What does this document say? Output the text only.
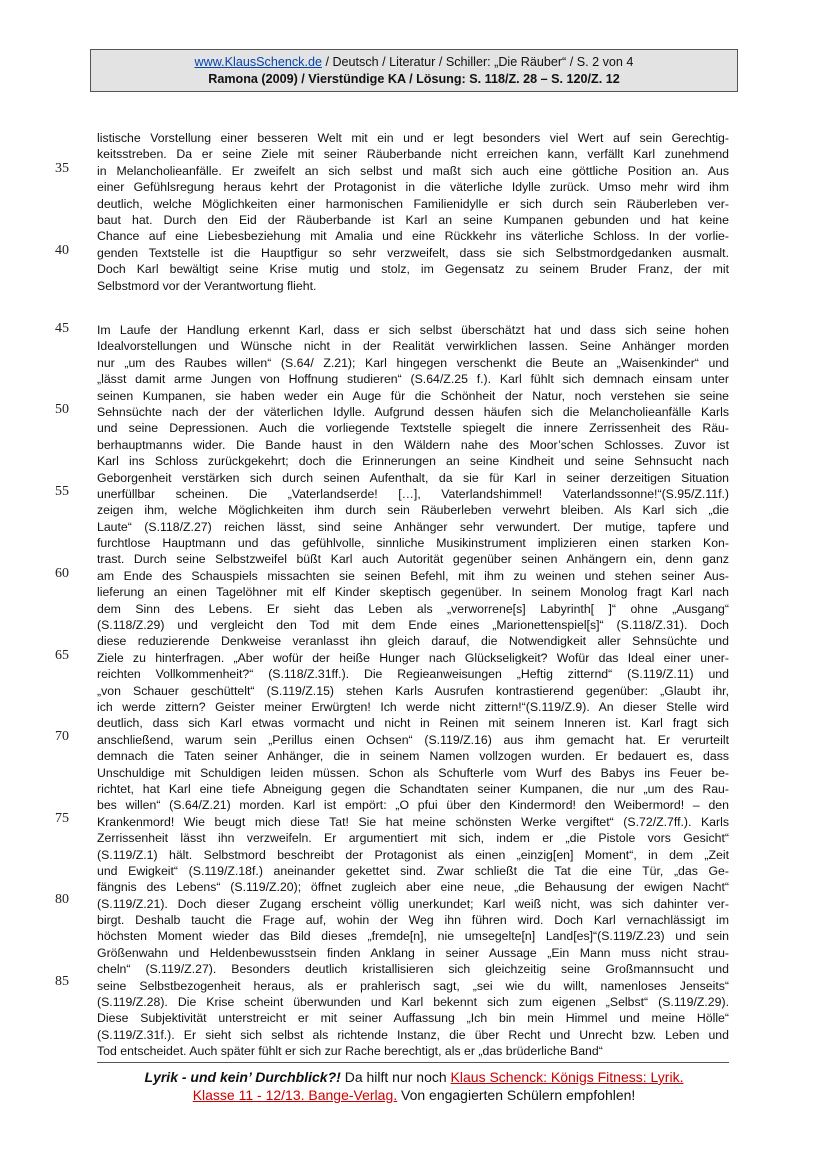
www.KlausSchenck.de / Deutsch / Literatur / Schiller: „Die Räuber“ / S. 2 von 4
Ramona (2009) / Vierstündige KA / Lösung: S. 118/Z. 28 – S. 120/Z. 12
35
40
45
50
55
60
65
70
75
80
85
listische Vorstellung einer besseren Welt mit ein und er legt besonders viel Wert auf sein Gerechtig-
keitsstreben. Da er seine Ziele mit seiner Räuberbande nicht erreichen kann, verfällt Karl zunehmend
in Melancholieanfälle. Er zweifelt an sich selbst und maßt sich auch eine göttliche Position an. Aus
einer Gefühlsregung heraus kehrt der Protagonist in die väterliche Idylle zurück. Umso mehr wird ihm
deutlich, welche Möglichkeiten einer harmonischen Familienidylle er sich durch sein Räuberleben ver-
baut hat. Durch den Eid der Räuberbande ist Karl an seine Kumpanen gebunden und hat keine
Chance auf eine Liebesbeziehung mit Amalia und eine Rückkehr ins väterliche Schloss. In der vorlie-
genden Textstelle ist die Hauptfigur so sehr verzweifelt, dass sie sich Selbstmordgedanken ausmalt.
Doch Karl bewältigt seine Krise mutig und stolz, im Gegensatz zu seinem Bruder Franz, der mit
Selbstmord vor der Verantwortung flieht.
Im Laufe der Handlung erkennt Karl, dass er sich selbst überschätzt hat und dass sich seine hohen
Idealvorstellungen und Wünsche nicht in der Realität verwirklichen lassen. Seine Anhänger morden
nur „um des Raubes willen“ (S.64/ Z.21); Karl hingegen verschenkt die Beute an „Waisenkinder“ und
„lässt damit arme Jungen von Hoffnung studieren“ (S.64/Z.25 f.). Karl fühlt sich demnach einsam unter
seinen Kumpanen, sie haben weder ein Auge für die Schönheit der Natur, noch verstehen sie seine
Sehnsüchte nach der der väterlichen Idylle. Aufgrund dessen häufen sich die Melancholieanfälle Karls
und seine Depressionen. Auch die vorliegende Textstelle spiegelt die innere Zerrissenheit des Räu-
berhauptmanns wider. Die Bande haust in den Wäldern nahe des Moor’schen Schlosses. Zuvor ist
Karl ins Schloss zurückgekehrt; doch die Erinnerungen an seine Kindheit und seine Sehnsucht nach
Geborgenheit verstärken sich durch seinen Aufenthalt, da sie für Karl in seiner derzeitigen Situation
unerfüllbar scheinen. Die „Vaterlandserde! […], Vaterlandshimmel! Vaterlandssonne!“(S.95/Z.11f.)
zeigen ihm, welche Möglichkeiten ihm durch sein Räuberleben verwehrt bleiben. Als Karl sich „die
Laute“ (S.118/Z.27) reichen lässt, sind seine Anhänger sehr verwundert. Der mutige, tapfere und
furchtlose Hauptmann und das gefühlvolle, sinnliche Musikinstrument implizieren einen starken Kon-
trast. Durch seine Selbstzweifel büßt Karl auch Autorität gegenüber seinen Anhängern ein, denn ganz
am Ende des Schauspiels missachten sie seinen Befehl, mit ihm zu weinen und stehen seiner Aus-
lieferung an einen Tagelöhner mit elf Kinder skeptisch gegenüber. In seinem Monolog fragt Karl nach
dem Sinn des Lebens. Er sieht das Leben als „verworrene[s] Labyrinth[ ]“ ohne „Ausgang“
(S.118/Z.29) und vergleicht den Tod mit dem Ende eines „Marionettenspiel[s]“ (S.118/Z.31). Doch
diese reduzierende Denkweise veranlasst ihn gleich darauf, die Notwendigkeit aller Sehnsüchte und
Ziele zu hinterfragen. „Aber wofür der heiße Hunger nach Glückseligkeit? Wofür das Ideal einer uner-
reichten Vollkommenheit?“ (S.118/Z.31ff.). Die Regieanweisungen „Heftig zitternd“ (S.119/Z.11) und
„von Schauer geschüttelt“ (S.119/Z.15) stehen Karls Ausrufen kontrastierend gegenüber: „Glaubt ihr,
ich werde zittern? Geister meiner Erwürgten! Ich werde nicht zittern!“(S.119/Z.9). An dieser Stelle wird
deutlich, dass sich Karl etwas vormacht und nicht in Reinen mit seinem Inneren ist. Karl fragt sich
anschließend, warum sein „Perillus einen Ochsen“ (S.119/Z.16) aus ihm gemacht hat. Er verurteilt
demnach die Taten seiner Anhänger, die in seinem Namen vollzogen wurden. Er bedauert es, dass
Unschuldige mit Schuldigen leiden müssen. Schon als Schufterle vom Wurf des Babys ins Feuer be-
richtet, hat Karl eine tiefe Abneigung gegen die Schandtaten seiner Kumpanen, die nur „um des Rau-
bes willen“ (S.64/Z.21) morden. Karl ist empört: „O pfui über den Kindermord! den Weibermord! – den
Krankenmord! Wie beugt mich diese Tat! Sie hat meine schönsten Werke vergiftet“ (S.72/Z.7ff.). Karls
Zerrissenheit lässt ihn verzweifeln. Er argumentiert mit sich, indem er „die Pistole vors Gesicht“
(S.119/Z.1) hält. Selbstmord beschreibt der Protagonist als einen „einzig[en] Moment“, in dem „Zeit
und Ewigkeit“ (S.119/Z.18f.) aneinander gekettet sind. Zwar schließt die Tat die eine Tür, „das Ge-
fängnis des Lebens“ (S.119/Z.20); öffnet zugleich aber eine neue, „die Behausung der ewigen Nacht“
(S.119/Z.21). Doch dieser Zugang erscheint völlig unerkundet; Karl weiß nicht, was sich dahinter ver-
birgt. Deshalb taucht die Frage auf, wohin der Weg ihn führen wird. Doch Karl vernachlässigt im
höchsten Moment wieder das Bild dieses „fremde[n], nie umsegelte[n] Land[es]“(S.119/Z.23) und sein
Größenwahn und Heldenbewusstsein finden Anklang in seiner Aussage „Ein Mann muss nicht strau-
cheln“ (S.119/Z.27). Besonders deutlich kristallisieren sich gleichzeitig seine Großmannsucht und
seine Selbstbezogenheit heraus, als er prahlerisch sagt, „sei wie du willt, namenloses Jenseits“
(S.119/Z.28). Die Krise scheint überwunden und Karl bekennt sich zum eigenen „Selbst“ (S.119/Z.29).
Diese Subjektivität unterstreicht er mit seiner Auffassung „Ich bin mein Himmel und meine Hölle“
(S.119/Z.31f.). Er sieht sich selbst als richtende Instanz, die über Recht und Unrecht bzw. Leben und
Tod entscheidet. Auch später fühlt er sich zur Rache berechtigt, als er „das brüderliche Band“
Lyrik - und kein’ Durchblick?! Da hilft nur noch Klaus Schenck: Königs Fitness: Lyrik.
Klasse 11 - 12/13. Bange-Verlag. Von engagierten Schülern empfohlen!
